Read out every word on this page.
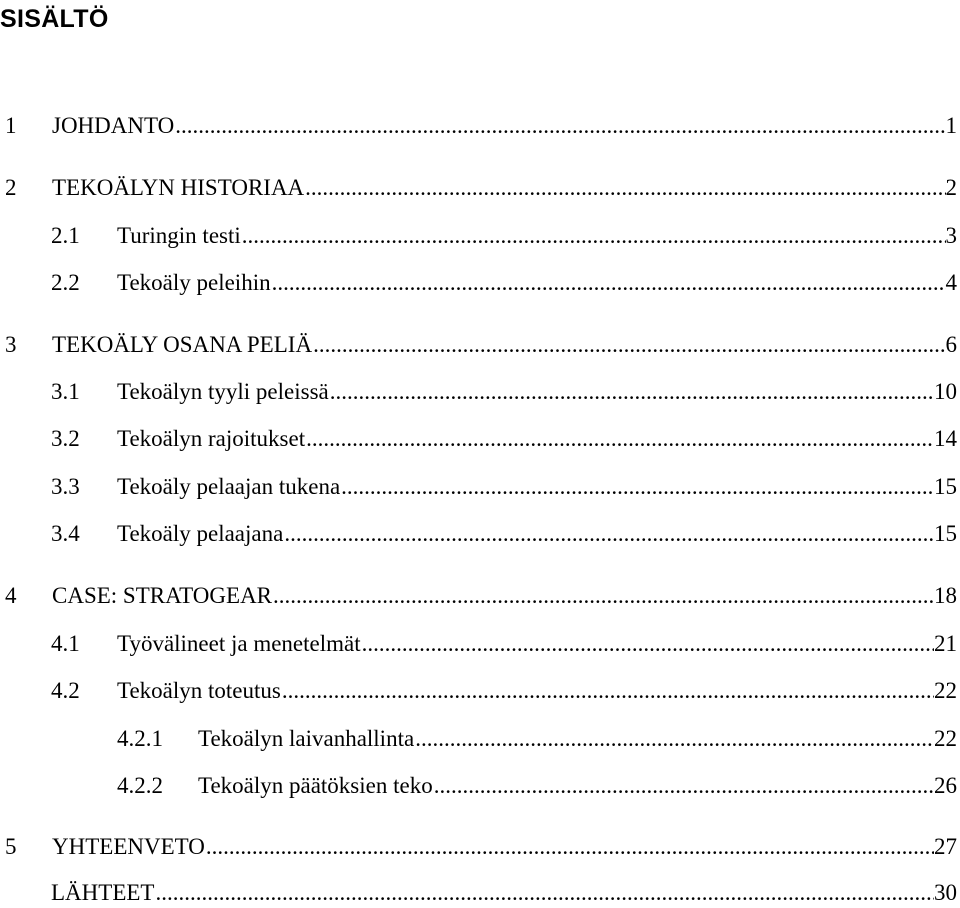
SISÄLTÖ
1	JOHDANTO .....	1
2	TEKOÄLYN HISTORIAA .....	2
2.1	Turingin testi .....	3
2.2	Tekoäly peleihin .....	4
3	TEKOÄLY OSANA PELIÄ .....	6
3.1	Tekoälyn tyyli peleissä .....	10
3.2	Tekoälyn rajoitukset .....	14
3.3	Tekoäly pelaajan tukena .....	15
3.4	Tekoäly pelaajana .....	15
4	CASE: STRATOGEAR .....	18
4.1	Työvälineet ja menetelmät .....	21
4.2	Tekoälyn toteutus .....	22
4.2.1	Tekoälyn laivanhallinta .....	22
4.2.2	Tekoälyn päätöksien teko .....	26
5	YHTEENVETO .....	27
LÄHTEET .....	30
